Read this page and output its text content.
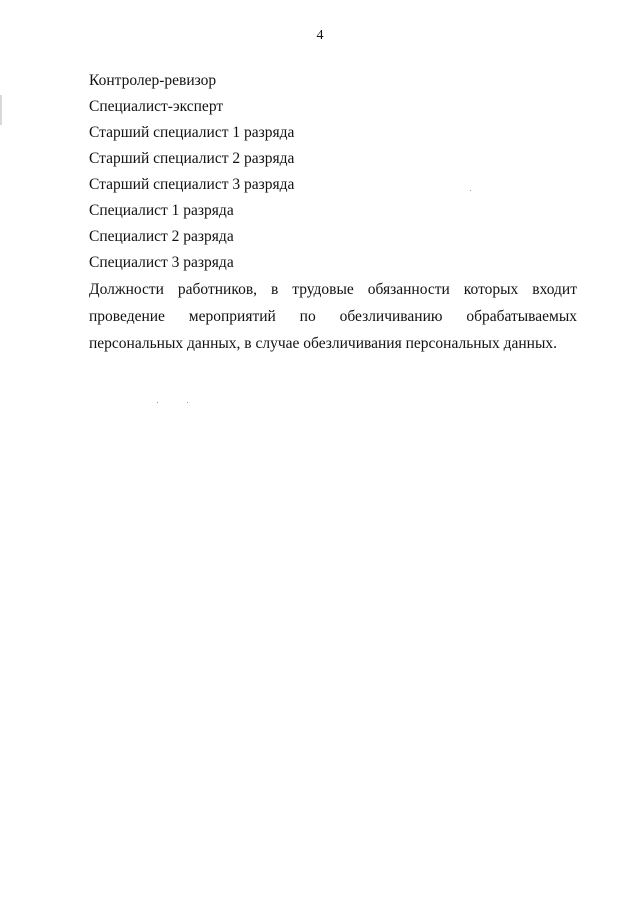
4
Контролер-ревизор
Специалист-эксперт
Старший специалист 1 разряда
Старший специалист 2 разряда
Старший специалист 3 разряда
Специалист 1 разряда
Специалист 2 разряда
Специалист 3 разряда
Должности работников, в трудовые обязанности которых входит
проведение мероприятий по обезличиванию обрабатываемых
персональных данных, в случае обезличивания персональных данных.
